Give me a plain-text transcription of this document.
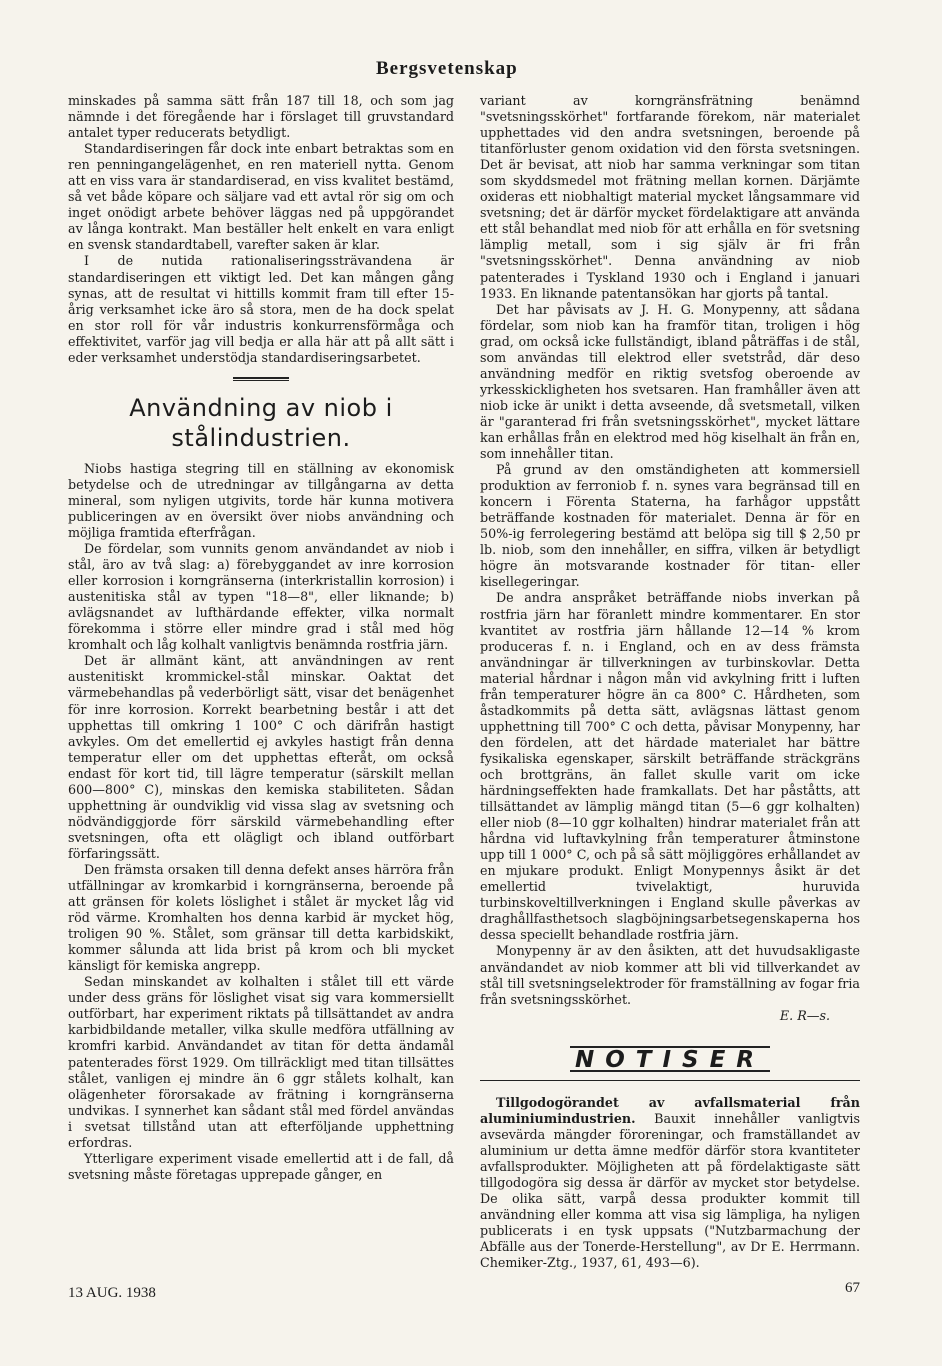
Bergsvetenskap

minskades på samma sätt från 187 till 18, och som jag nämnde i det föregående har i förslaget till gruvstandard antalet typer reducerats betydligt.

Standardiseringen får dock inte enbart betraktas som en ren penningangelägenhet, en ren materiell nytta. Genom att en viss vara är standardiserad, en viss kvalitet bestämd, så vet både köpare och säljare vad ett avtal rör sig om och inget onödigt arbete behöver läggas ned på uppgörandet av långa kontrakt. Man beställer helt enkelt en vara enligt en svensk standardtabell, varefter saken är klar.

I de nutida rationaliseringssträvandena är standardiseringen ett viktigt led. Det kan mången gång synas, att de resultat vi hittills kommit fram till efter 15-årig verksamhet icke äro så stora, men de ha dock spelat en stor roll för vår industris konkurrensförmåga och effektivitet, varför jag vill bedja er alla här att på allt sätt i eder verksamhet understödja standardiseringsarbetet.

Användning av niob i stålindustrien.

Niobs hastiga stegring till en ställning av ekonomisk betydelse och de utredningar av tillgångarna av detta mineral, som nyligen utgivits, torde här kunna motivera publiceringen av en översikt över niobs användning och möjliga framtida efterfrågan.

De fördelar, som vunnits genom användandet av niob i stål, äro av två slag: a) förebyggandet av inre korrosion eller korrosion i korngränserna (interkristallin korrosion) i austenitiska stål av typen "18—8", eller liknande; b) avlägsnandet av lufthärdande effekter, vilka normalt förekomma i större eller mindre grad i stål med hög kromhalt och låg kolhalt vanligtvis benämnda rostfria järn.

Det är allmänt känt, att användningen av rent austenitiskt krommickel-stål minskar. Oaktat det värmebehandlas på vederbörligt sätt, visar det benägenhet för inre korrosion. Korrekt bearbetning består i att det upphettas till omkring 1 100° C och därifrån hastigt avkyles. Om det emellertid ej avkyles hastigt från denna temperatur eller om det upphettas efteråt, om också endast för kort tid, till lägre temperatur (särskilt mellan 600—800° C), minskas den kemiska stabiliteten. Sådan upphettning är oundviklig vid vissa slag av svetsning och nödvändiggjorde förr särskild värmebehandling efter svetsningen, ofta ett olägligt och ibland outförbart förfaringssätt.

Den främsta orsaken till denna defekt anses härröra från utfällningar av kromkarbid i korngränserna, beroende på att gränsen för kolets löslighet i stålet är mycket låg vid röd värme. Kromhalten hos denna karbid är mycket hög, troligen 90 %. Stålet, som gränsar till detta karbidskikt, kommer sålunda att lida brist på krom och bli mycket känsligt för kemiska angrepp.

Sedan minskandet av kolhalten i stålet till ett värde under dess gräns för löslighet visat sig vara kommersiellt outförbart, har experiment riktats på tillsättandet av andra karbidbildande metaller, vilka skulle medföra utfällning av kromfri karbid. Användandet av titan för detta ändamål patenterades först 1929. Om tillräckligt med titan tillsättes stålet, vanligen ej mindre än 6 ggr stålets kolhalt, kan olägenheter förorsakade av frätning i korngränserna undvikas. I synnerhet kan sådant stål med fördel användas i svetsat tillstånd utan att efterföljande upphettning erfordras.

Ytterligare experiment visade emellertid att i de fall, då svetsning måste företagas upprepade gånger, en

variant av korngränsfrätning benämnd "svetsningsskörhet" fortfarande förekom, när materialet upphettades vid den andra svetsningen, beroende på titanförluster genom oxidation vid den första svetsningen. Det är bevisat, att niob har samma verkningar som titan som skyddsmedel mot frätning mellan kornen. Därjämte oxideras ett niobhaltigt material mycket långsammare vid svetsning; det är därför mycket fördelaktigare att använda ett stål behandlat med niob för att erhålla en för svetsning lämplig metall, som i sig själv är fri från "svetsningsskörhet". Denna användning av niob patenterades i Tyskland 1930 och i England i januari 1933. En liknande patentansökan har gjorts på tantal.

Det har påvisats av J. H. G. Monypenny, att sådana fördelar, som niob kan ha framför titan, troligen i hög grad, om också icke fullständigt, ibland påträffas i de stål, som användas till elektrod eller svetstråd, där deso användning medför en riktig svetsfog oberoende av yrkesskickligheten hos svetsaren. Han framhåller även att niob icke är unikt i detta avseende, då svetsmetall, vilken är "garanterad fri från svetsningsskörhet", mycket lättare kan erhållas från en elektrod med hög kiselhalt än från en, som innehåller titan.

På grund av den omständigheten att kommersiell produktion av ferroniob f. n. synes vara begränsad till en koncern i Förenta Staterna, ha farhågor uppstått beträffande kostnaden för materialet. Denna är för en 50%-ig ferrolegering bestämd att belöpa sig till $ 2,50 pr lb. niob, som den innehåller, en siffra, vilken är betydligt högre än motsvarande kostnader för titan- eller kisellegeringar.

De andra anspråket beträffande niobs inverkan på rostfria järn har föranlett mindre kommentarer. En stor kvantitet av rostfria järn hållande 12—14 % krom produceras f. n. i England, och en av dess främsta användningar är tillverkningen av turbinskovlar. Detta material hårdnar i någon mån vid avkylning fritt i luften från temperaturer högre än ca 800° C. Hårdheten, som åstadkommits på detta sätt, avlägsnas lättast genom upphettning till 700° C och detta, påvisar Monypenny, har den fördelen, att det härdade materialet har bättre fysikaliska egenskaper, särskilt beträffande sträckgräns och brottgräns, än fallet skulle varit om icke härdningseffekten hade framkallats. Det har påståtts, att tillsättandet av lämplig mängd titan (5—6 ggr kolhalten) eller niob (8—10 ggr kolhalten) hindrar materialet från att hårdna vid luftavkylning från temperaturer åtminstone upp till 1 000° C, och på så sätt möjliggöres erhållandet av en mjukare produkt. Enligt Monypennys åsikt är det emellertid tvivelaktigt, huruvida turbinskoveltillverkningen i England skulle påverkas av draghållfasthetsoch slagböjningsarbetsegenskaperna hos dessa speciellt behandlade rostfria järn.

Monypenny är av den åsikten, att det huvudsakligaste användandet av niob kommer att bli vid tillverkandet av stål till svetsningselektroder för framställning av fogar fria från svetsningsskörhet.

E. R—s.

NOTISER

Tillgodogörandet av avfallsmaterial från aluminiumindustrien. Bauxit innehåller vanligtvis avsevärda mängder föroreningar, och framställandet av aluminium ur detta ämne medför därför stora kvantiteter avfallsprodukter. Möjligheten att på fördelaktigaste sätt tillgodogöra sig dessa är därför av mycket stor betydelse. De olika sätt, varpå dessa produkter kommit till användning eller komma att visa sig lämpliga, ha nyligen publicerats i en tysk uppsats ("Nutzbarmachung der Abfälle aus der Tonerde-Herstellung", av Dr E. Herrmann. Chemiker-Ztg., 1937, 61, 493—6).

13 AUG. 1938	67
